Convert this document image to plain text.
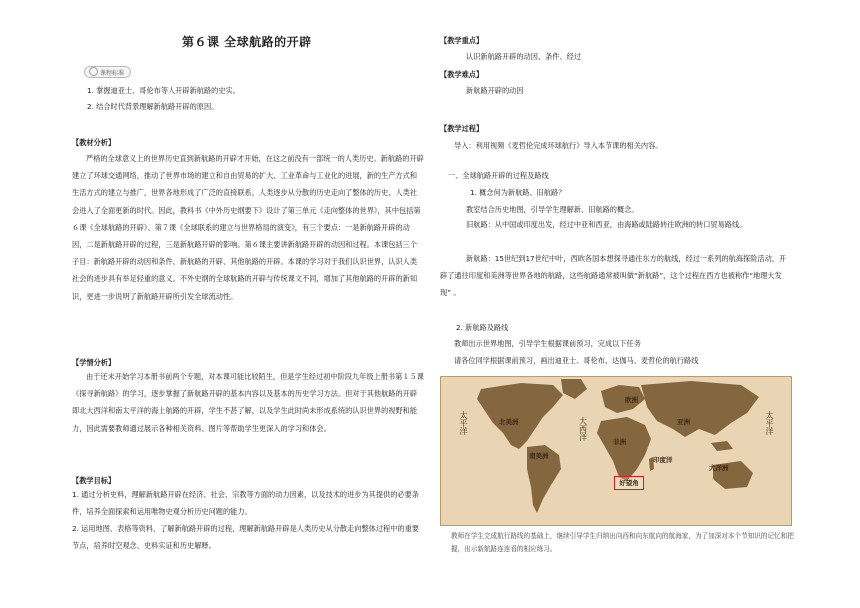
第６课 全球航路的开辟
课程标准
1. 掌握迪亚士、哥伦布等人开辟新航路的史实。
2. 结合时代背景理解新航路开辟的原因。
【教材分析】
严格的全球意义上的世界历史直到新航路的开辟才开始，在这之前没有一部统一的人类历史。新航路的开辟建立了环球交通网络，推动了世界市场的建立和自由贸易的扩大、工业革命与工业化的进展，新的生产方式和生活方式的建立与推广，世界各地形成了广泛的直接联系，人类逐步从分散的历史走向了整体的历史、人类社会进入了全面更新的时代。因此，教科书《中外历史纲要下》设计了第三单元《走向整体的世界》，其中包括第６课《全球航路的开辟》、第７课《全球联系的建立与世界格局的演变》，有三个要点：一是新航路开辟的动因，二是新航路开辟的过程，三是新航路开辟的影响。第６课主要讲新航路开辟的动因和过程。本课包括三个子目：新航路开辟的动因和条件、新航路的开辟、其他航路的开辟。本课的学习对于我们认识世界，认识人类社会的进步具有举足轻重的意义。不外史纲的全球航路的开辟与传统课文不同，增加了其他航路的开辟的新知识，更进一步说明了新航路开辟所引发全球流动性。
【学情分析】
由于还未开始学习本册书前两个专题，对本课可能比较陌生，但是学生经过初中阶段九年级上册书第１５课《探寻新航路》的学习，逐步掌握了新航路开辟的基本内容以及基本的历史学习方法。但对于其他航路的开辟即北大西洋和南太平洋的海上航路的开辟，学生不甚了解，以及学生此时尚未形成系统的认识世界的视野和能力，因此需要教师通过展示各种相关资料、图片等帮助学生更深入的学习和体会。
【教学目标】
1. 通过分析史料，理解新航路开辟在经济、社会、宗教等方面的动力因素，以及技术的进步为其提供的必要条件，培养全面探索和运用唯物史观分析历史问题的能力。
2. 运用地图、表格等资料，了解新航路开辟的过程，理解新航路开辟是人类历史从分散走向整体过程中的重要节点，培养时空观念、史料实证和历史解释。
【教学重点】
认识新航路开辟的动因、条件、经过
【教学难点】
新航路开辟的动因
【教学过程】
导入：利用视频《麦哲伦完成环球航行》导入本节课的相关内容。
一、全球航路开辟的过程及路线
1. 概念何为新航路、旧航路？
教室结合历史地图，引导学生理解新、旧航路的概念。
旧航路：从中国或印度出发，经过中亚和西亚，由海路或陆路转往欧洲的转口贸易路线。
新航路：15世纪到17世纪中叶，西欧各国本想探寻通往东方的航线，经过一系列的航海探险活动，开辟了通往印度和美洲等世界各地的航路，这些航路通常被叫做“新航路”，这个过程在西方也被称作“地理大发现” 。
2. 新航路及路线
教师出示世界地图，引导学生根据课前预习，完成以下任务
请各位同学根据课前预习，画出迪亚士、哥伦布、达伽马、麦哲伦的航行路线
欧洲
北美洲	亚洲
非洲
南美洲	印度洋
大洋洲
大西洋
太平洋	太平洋
好望角
教师在学生完成航行路线的基础上，继续引导学生归纳出向西和向东航向的航海家，为了加深对本个节知识的记忆和把握，出示新航路连连看的相应练习。
